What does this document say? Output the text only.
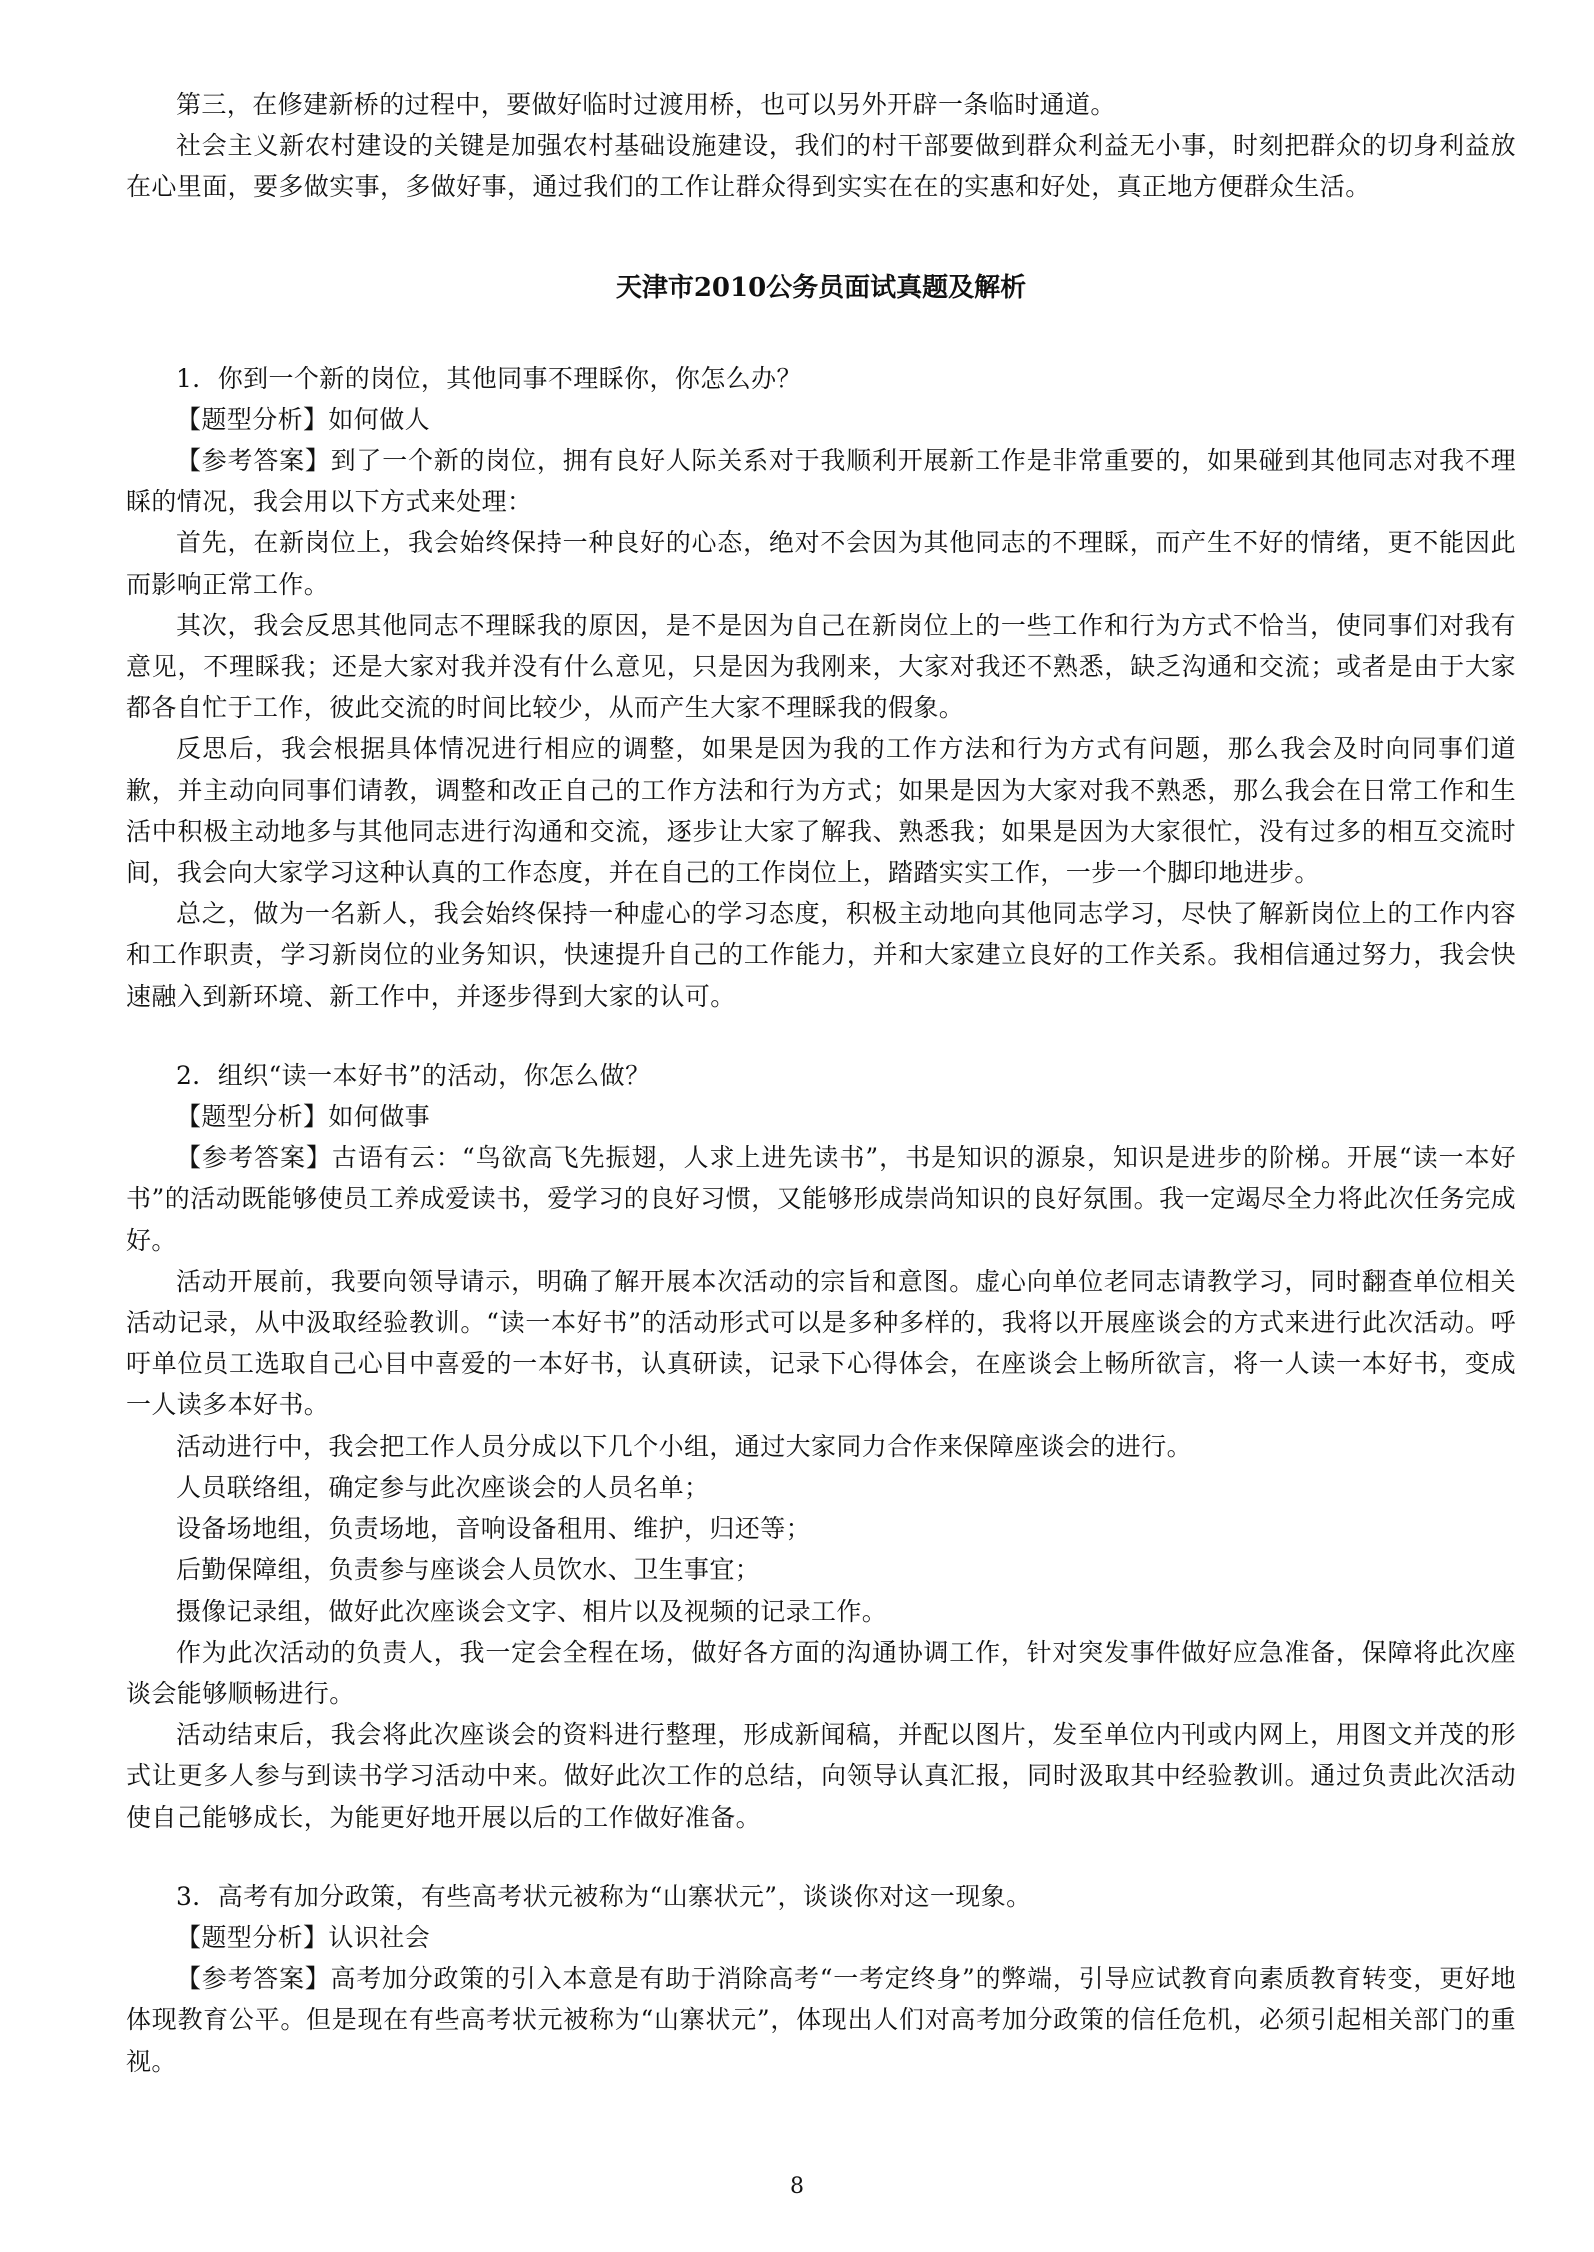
第三，在修建新桥的过程中，要做好临时过渡用桥，也可以另外开辟一条临时通道。

社会主义新农村建设的关键是加强农村基础设施建设，我们的村干部要做到群众利益无小事，时刻把群众的切身利益放在心里面，要多做实事，多做好事，通过我们的工作让群众得到实实在在的实惠和好处，真正地方便群众生活。

天津市2010公务员面试真题及解析

1．你到一个新的岗位，其他同事不理睬你，你怎么办？

【题型分析】如何做人

【参考答案】到了一个新的岗位，拥有良好人际关系对于我顺利开展新工作是非常重要的，如果碰到其他同志对我不理睬的情况，我会用以下方式来处理：

首先，在新岗位上，我会始终保持一种良好的心态，绝对不会因为其他同志的不理睬，而产生不好的情绪，更不能因此而影响正常工作。

其次，我会反思其他同志不理睬我的原因，是不是因为自己在新岗位上的一些工作和行为方式不恰当，使同事们对我有意见，不理睬我；还是大家对我并没有什么意见，只是因为我刚来，大家对我还不熟悉，缺乏沟通和交流；或者是由于大家都各自忙于工作，彼此交流的时间比较少，从而产生大家不理睬我的假象。

反思后，我会根据具体情况进行相应的调整，如果是因为我的工作方法和行为方式有问题，那么我会及时向同事们道歉，并主动向同事们请教，调整和改正自己的工作方法和行为方式；如果是因为大家对我不熟悉，那么我会在日常工作和生活中积极主动地多与其他同志进行沟通和交流，逐步让大家了解我、熟悉我；如果是因为大家很忙，没有过多的相互交流时间，我会向大家学习这种认真的工作态度，并在自己的工作岗位上，踏踏实实工作，一步一个脚印地进步。

总之，做为一名新人，我会始终保持一种虚心的学习态度，积极主动地向其他同志学习，尽快了解新岗位上的工作内容和工作职责，学习新岗位的业务知识，快速提升自己的工作能力，并和大家建立良好的工作关系。我相信通过努力，我会快速融入到新环境、新工作中，并逐步得到大家的认可。

2．组织“读一本好书”的活动，你怎么做？

【题型分析】如何做事

【参考答案】古语有云：“鸟欲高飞先振翅，人求上进先读书”，书是知识的源泉，知识是进步的阶梯。开展“读一本好书”的活动既能够使员工养成爱读书，爱学习的良好习惯，又能够形成崇尚知识的良好氛围。我一定竭尽全力将此次任务完成好。

活动开展前，我要向领导请示，明确了解开展本次活动的宗旨和意图。虚心向单位老同志请教学习，同时翻查单位相关活动记录，从中汲取经验教训。“读一本好书”的活动形式可以是多种多样的，我将以开展座谈会的方式来进行此次活动。呼吁单位员工选取自己心目中喜爱的一本好书，认真研读，记录下心得体会，在座谈会上畅所欲言，将一人读一本好书，变成一人读多本好书。

活动进行中，我会把工作人员分成以下几个小组，通过大家同力合作来保障座谈会的进行。

人员联络组，确定参与此次座谈会的人员名单；

设备场地组，负责场地，音响设备租用、维护，归还等；

后勤保障组，负责参与座谈会人员饮水、卫生事宜；

摄像记录组，做好此次座谈会文字、相片以及视频的记录工作。

作为此次活动的负责人，我一定会全程在场，做好各方面的沟通协调工作，针对突发事件做好应急准备，保障将此次座谈会能够顺畅进行。

活动结束后，我会将此次座谈会的资料进行整理，形成新闻稿，并配以图片，发至单位内刊或内网上，用图文并茂的形式让更多人参与到读书学习活动中来。做好此次工作的总结，向领导认真汇报，同时汲取其中经验教训。通过负责此次活动使自己能够成长，为能更好地开展以后的工作做好准备。

3．高考有加分政策，有些高考状元被称为“山寨状元”，谈谈你对这一现象。

【题型分析】认识社会

【参考答案】高考加分政策的引入本意是有助于消除高考“一考定终身”的弊端，引导应试教育向素质教育转变，更好地体现教育公平。但是现在有些高考状元被称为“山寨状元”，体现出人们对高考加分政策的信任危机，必须引起相关部门的重视。

8
